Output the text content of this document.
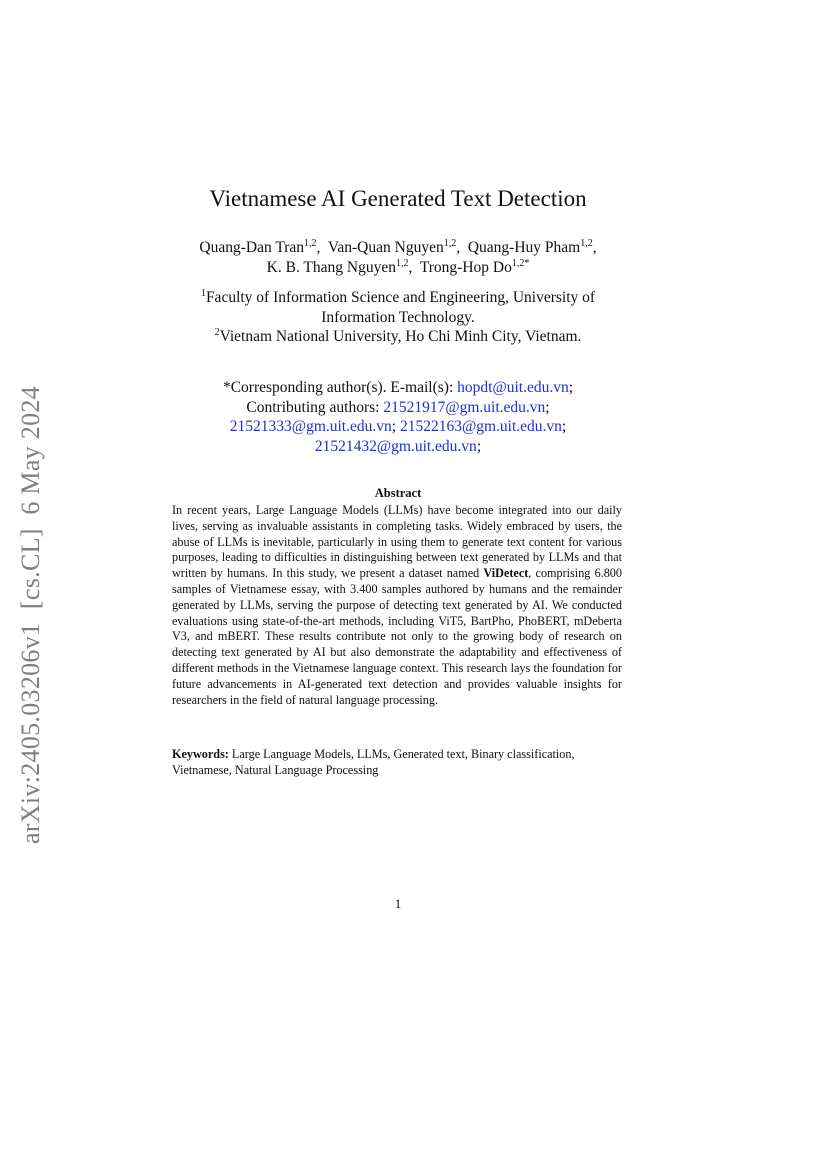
arXiv:2405.03206v1  [cs.CL]  6 May 2024
Vietnamese AI Generated Text Detection
Quang-Dan Tran$^{1,2}$,  Van-Quan Nguyen$^{1,2}$,  Quang-Huy Pham$^{1,2}$,
K. B. Thang Nguyen$^{1,2}$,  Trong-Hop $Do^{1,2*}$
$^1$Faculty of Information Science and Engineering, University of
Information Technology.
$^2$Vietnam National University, Ho Chi Minh City, Vietnam.
*Corresponding author(s). E-mail(s): hopdt@uit.edu.vn;
Contributing authors: 21521917@gm.uit.edu.vn;
21521333@gm.uit.edu.vn; 21522163@gm.uit.edu.vn;
21521432@gm.uit.edu.vn;
Abstract
In recent years, Large Language Models (LLMs) have become integrated into our daily lives, serving as invaluable assistants in completing tasks. Widely embraced by users, the abuse of LLMs is inevitable, particularly in using them to generate text content for various purposes, leading to difficulties in distinguishing between text generated by LLMs and that written by humans. In this study, we present a dataset named ViDetect, comprising 6.800 samples of Vietnamese essay, with 3.400 samples authored by humans and the remainder generated by LLMs, serving the purpose of detecting text generated by AI. We conducted evaluations using state-of-the-art methods, including ViT5, BartPho, PhoBERT, mDeberta V3, and mBERT. These results contribute not only to the growing body of research on detecting text generated by AI but also demonstrate the adaptability and effectiveness of different methods in the Vietnamese language context. This research lays the foundation for future advancements in AI-generated text detection and provides valuable insights for researchers in the field of natural language processing.
Keywords: Large Language Models, LLMs, Generated text, Binary classification, Vietnamese, Natural Language Processing
1
